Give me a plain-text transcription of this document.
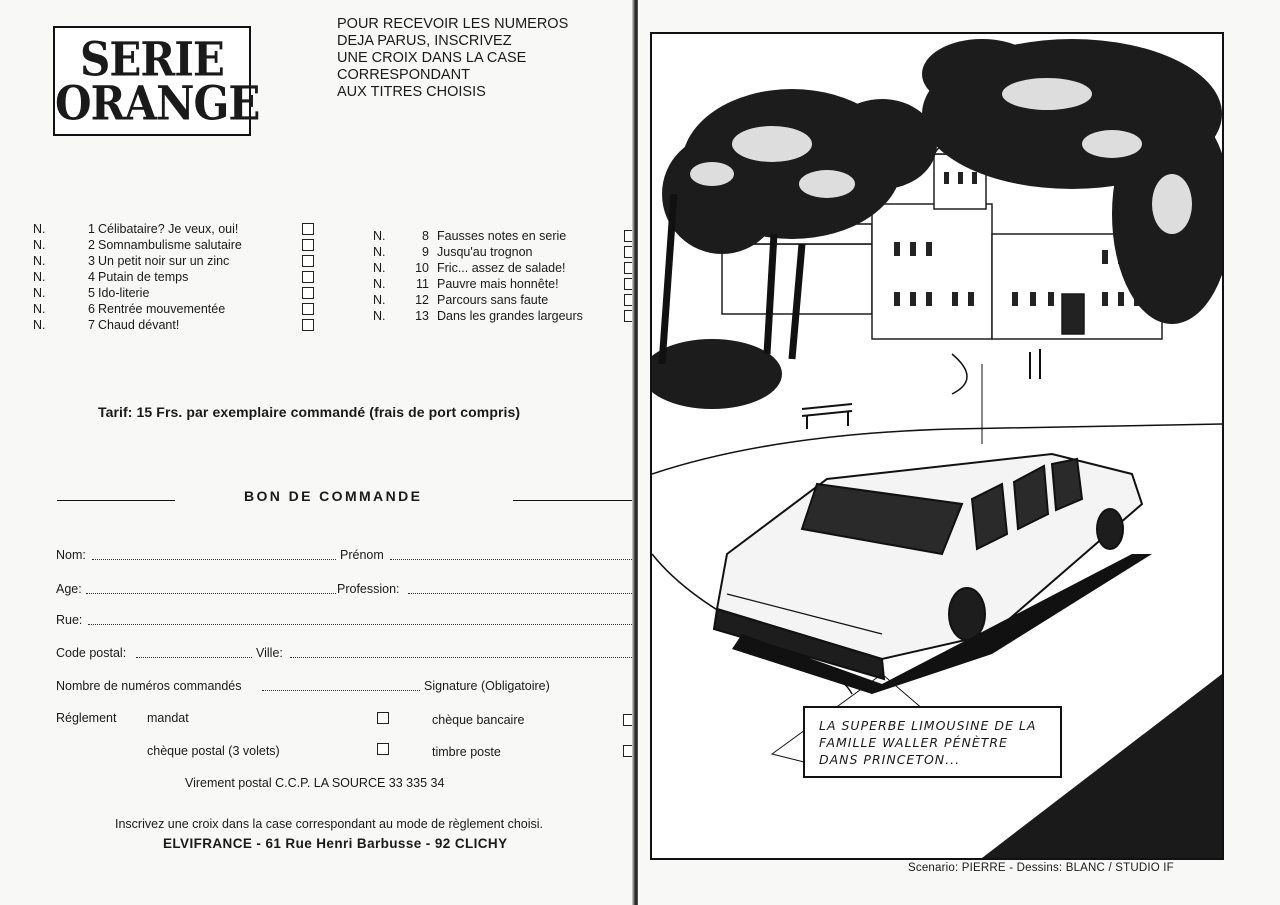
SERIE
ORANGE
POUR RECEVOIR LES NUMEROS
DEJA PARUS, INSCRIVEZ
UNE CROIX DANS LA CASE
CORRESPONDANT
AUX TITRES CHOISIS
N.	1 Célibataire? Je veux, oui!
N.	2 Somnambulisme salutaire
N.	3 Un petit noir sur un zinc
N.	4 Putain de temps
N.	5 Ido-literie
N.	6 Rentrée mouvementée
N.	7 Chaud dévant!
N.	8 Fausses notes en serie
N.	9 Jusqu'au trognon
N.	10 Fric... assez de salade!
N.	11 Pauvre mais honnête!
N.	12 Parcours sans faute
N.	13 Dans les grandes largeurs
Tarif: 15 Frs. par exemplaire commandé (frais de port compris)
BON DE COMMANDE
Nom:	Prénom
Age:	Profession:
Rue:
Code postal:	Ville:
Nombre de numéros commandés	Signature (Obligatoire)
Réglement mandat	chèque bancaire
chèque postal (3 volets)	timbre poste
Virement postal C.C.P. LA SOURCE 33 335 34
Inscrivez une croix dans la case correspondant au mode de règlement choisi.
ELVIFRANCE - 61 Rue Henri Barbusse - 92 CLICHY
LA SUPERBE LIMOUSINE DE LA FAMILLE WALLER PÉNÈTRE DANS PRINCETON...
Scenario: PIERRE - Dessins: BLANC / STUDIO IF
